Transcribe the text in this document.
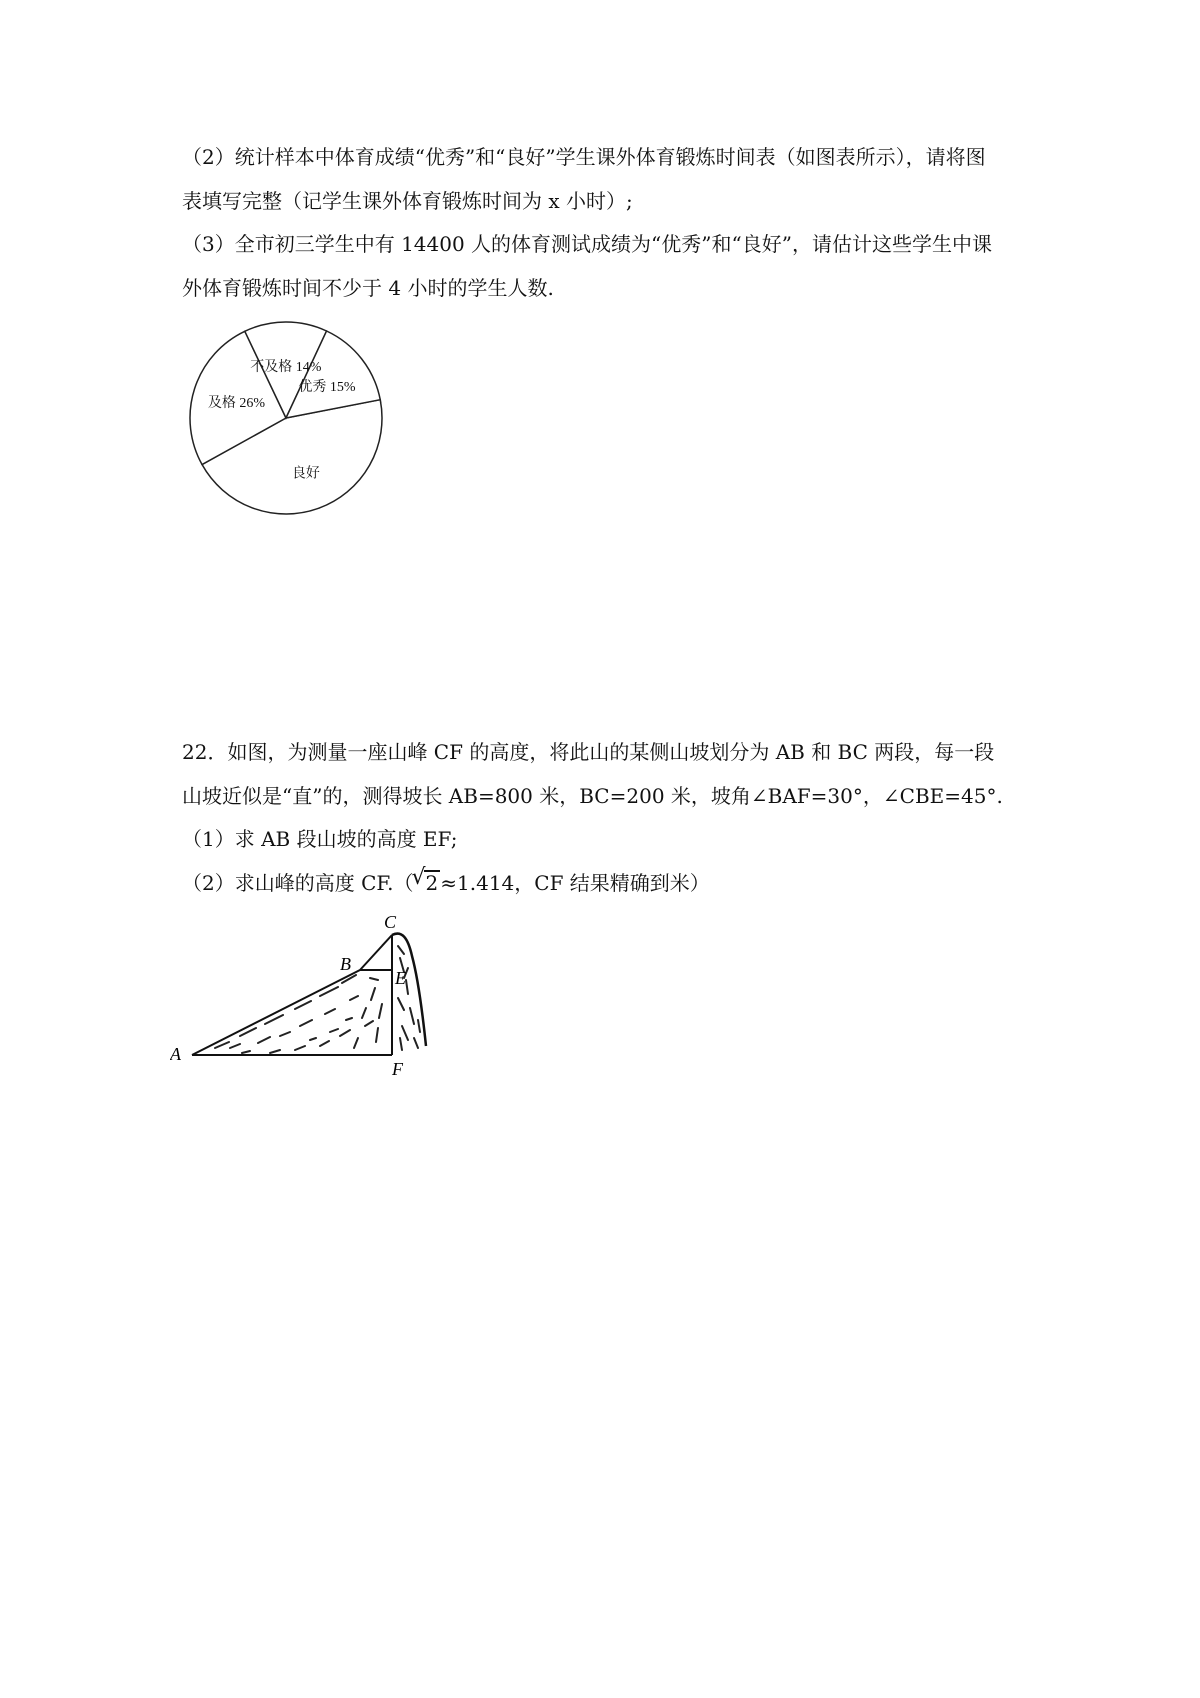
（2）统计样本中体育成绩“优秀”和“良好”学生课外体育锻炼时间表（如图表所示），请将图
表填写完整（记学生课外体育锻炼时间为 x 小时）;
（3）全市初三学生中有 14400 人的体育测试成绩为“优秀”和“良好”，请估计这些学生中课
外体育锻炼时间不少于 4 小时的学生人数.
良好
及格 26%
不及格 14%
优秀 15%
22．如图，为测量一座山峰 CF 的高度，将此山的某侧山坡划分为 AB 和 BC 两段，每一段
山坡近似是“直”的，测得坡长 AB=800 米，BC=200 米，坡角∠BAF=30°，∠CBE=45°.
（1）求 AB 段山坡的高度 EF;
（2）求山峰的高度 CF.（√ 2 ≈1.414，CF 结果精确到米）
A
B
C
E
F
